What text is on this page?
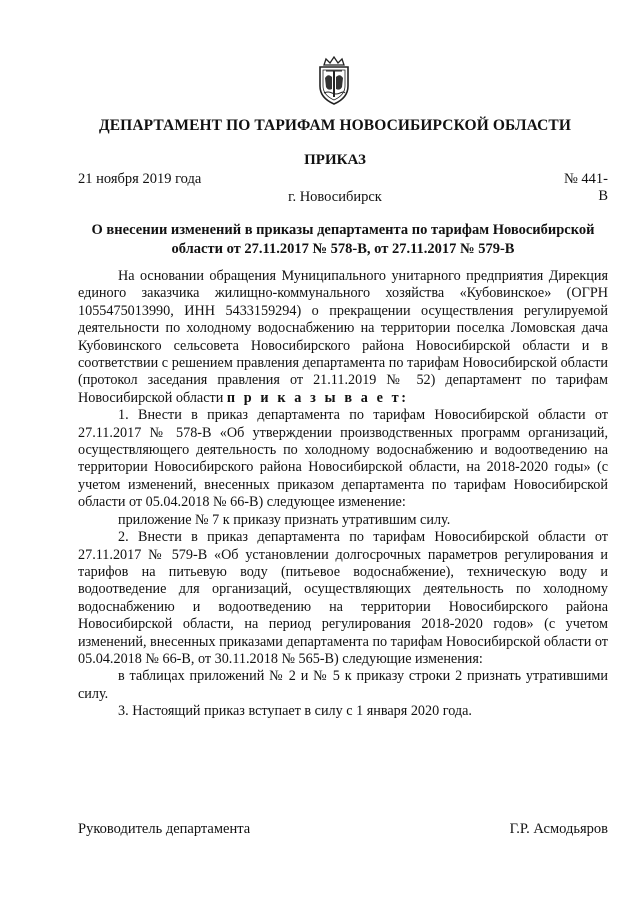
ДЕПАРТАМЕНТ ПО ТАРИФАМ НОВОСИБИРСКОЙ ОБЛАСТИ
ПРИКАЗ
21 ноября 2019 года	№ 441-В
г. Новосибирск
О внесении изменений в приказы департамента по тарифам Новосибирской области от 27.11.2017 № 578-В, от 27.11.2017 № 579-В

На основании обращения Муниципального унитарного предприятия Дирекция единого заказчика жилищно-коммунального хозяйства «Кубовинское» (ОГРН 1055475013990, ИНН 5433159294) о прекращении осуществления регулируемой деятельности по холодному водоснабжению на территории поселка Ломовская дача Кубовинского сельсовета Новосибирского района Новосибирской области и в соответствии с решением правления департамента по тарифам Новосибирской области (протокол заседания правления от 21.11.2019 № 52) департамент по тарифам Новосибирской области п р и к а з ы в а е т:

1. Внести в приказ департамента по тарифам Новосибирской области от 27.11.2017 № 578-В «Об утверждении производственных программ организаций, осуществляющего деятельность по холодному водоснабжению и водоотведению на территории Новосибирского района Новосибирской области, на 2018-2020 годы» (с учетом изменений, внесенных приказом департамента по тарифам Новосибирской области от 05.04.2018 № 66-В) следующее изменение:

приложение № 7 к приказу признать утратившим силу.

2. Внести в приказ департамента по тарифам Новосибирской области от 27.11.2017 № 579-В «Об установлении долгосрочных параметров регулирования и тарифов на питьевую воду (питьевое водоснабжение), техническую воду и водоотведение для организаций, осуществляющих деятельность по холодному водоснабжению и водоотведению на территории Новосибирского района Новосибирской области, на период регулирования 2018-2020 годов» (с учетом изменений, внесенных приказами департамента по тарифам Новосибирской области от 05.04.2018 № 66-В, от 30.11.2018 № 565-В) следующие изменения:

в таблицах приложений № 2 и № 5 к приказу строки 2 признать утратившими силу.

3. Настоящий приказ вступает в силу с 1 января 2020 года.

Руководитель департамента	Г.Р. Асмодьяров
